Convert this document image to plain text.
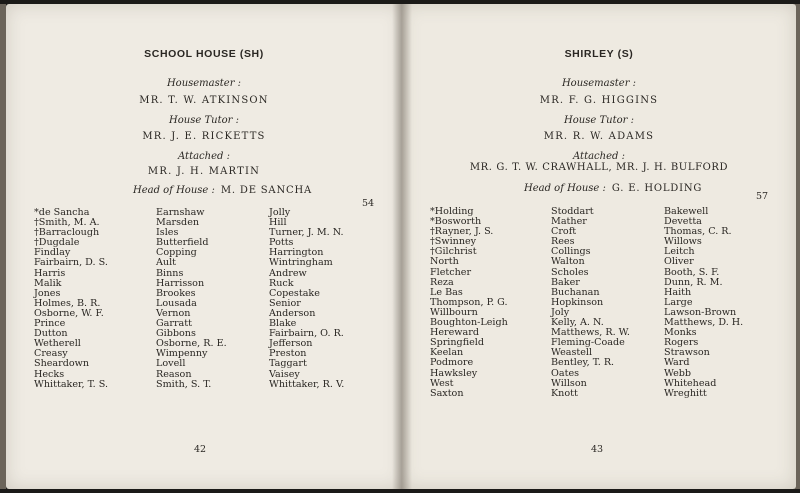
SCHOOL HOUSE (SH)
Housemaster :
MR. T. W. ATKINSON
House Tutor :
MR. J. E. RICKETTS
Attached :
MR. J. H. MARTIN
Head of House : M. DE SANCHA
54
*de Sancha
†Smith, M. A.
†Barraclough
†Dugdale
Findlay
Fairbairn, D. S.
Harris
Malik
Jones
Holmes, B. R.
Osborne, W. F.
Prince
Dutton
Wetherell
Creasy
Sheardown
Hecks
Whittaker, T. S.
Earnshaw
Marsden
Isles
Butterfield
Copping
Ault
Binns
Harrisson
Brookes
Lousada
Vernon
Garratt
Gibbons
Osborne, R. E.
Wimpenny
Lovell
Reason
Smith, S. T.
Jolly
Hill
Turner, J. M. N.
Potts
Harrington
Wintringham
Andrew
Ruck
Copestake
Senior
Anderson
Blake
Fairbairn, O. R.
Jefferson
Preston
Taggart
Vaisey
Whittaker, R. V.
42
SHIRLEY (S)
Housemaster :
MR. F. G. HIGGINS
House Tutor :
MR. R. W. ADAMS
Attached :
MR. G. T. W. CRAWHALL, MR. J. H. BULFORD
Head of House : G. E. HOLDING
57
*Holding
*Bosworth
†Rayner, J. S.
†Swinney
†Gilchrist
North
Fletcher
Reza
Le Bas
Thompson, P. G.
Willbourn
Boughton-Leigh
Hereward
Springfield
Keelan
Podmore
Hawksley
West
Saxton
Stoddart
Mather
Croft
Rees
Collings
Walton
Scholes
Baker
Buchanan
Hopkinson
Joly
Kelly, A. N.
Matthews, R. W.
Fleming-Coade
Weastell
Bentley, T. R.
Oates
Willson
Knott
Bakewell
Devetta
Thomas, C. R.
Willows
Leitch
Oliver
Booth, S. F.
Dunn, R. M.
Haith
Large
Lawson-Brown
Matthews, D. H.
Monks
Rogers
Strawson
Ward
Webb
Whitehead
Wreghitt
43
